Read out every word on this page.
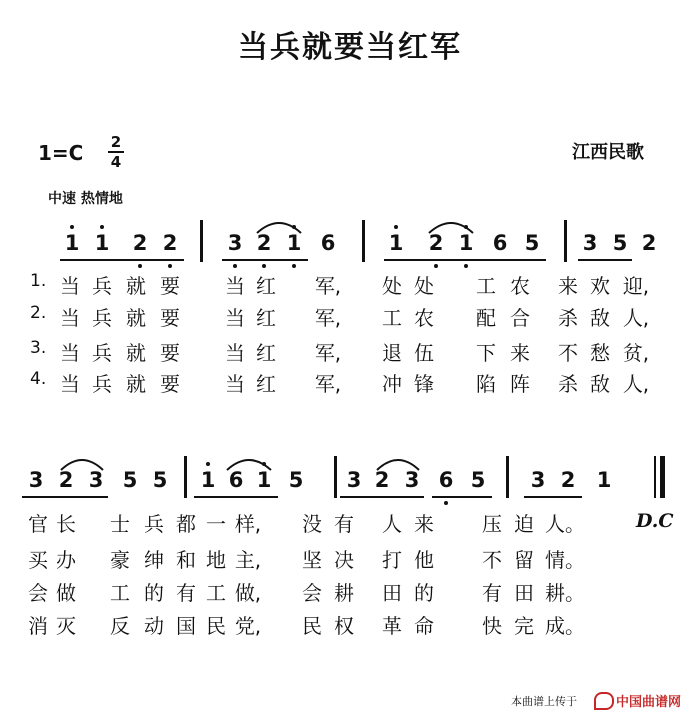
当兵就要当红军
1=C	2
4	江西民歌
中速 热情地
1 1	2 2	3 2 1 6	1	2 1 6 5	3 5 2
1. 当 兵 就 要	当 红	军,	处 处	工 农	来 欢 迎,
2. 当 兵 就 要	当 红	军,	工 农	配 合	杀 敌 人,
3. 当 兵 就 要	当 红	军,	退 伍	下 来	不 愁 贫,
4. 当 兵 就 要	当 红	军,	冲 锋	陷 阵	杀 敌 人,
3 2 3 5 5	1 6 1 5	3 2 3 6 5	3 2	1
官 长	士 兵 都 一 样,	没 有	人 来	压 迫 人。
买 办	豪 绅 和 地 主,	坚 决	打 他	不 留 情。
会 做	工 的 有 工 做,	会 耕	田 的	有 田 耕。
消 灭	反 动 国 民 党,	民 权	革 命	快 完 成。
D.C
本曲谱上传于	中国曲谱网
